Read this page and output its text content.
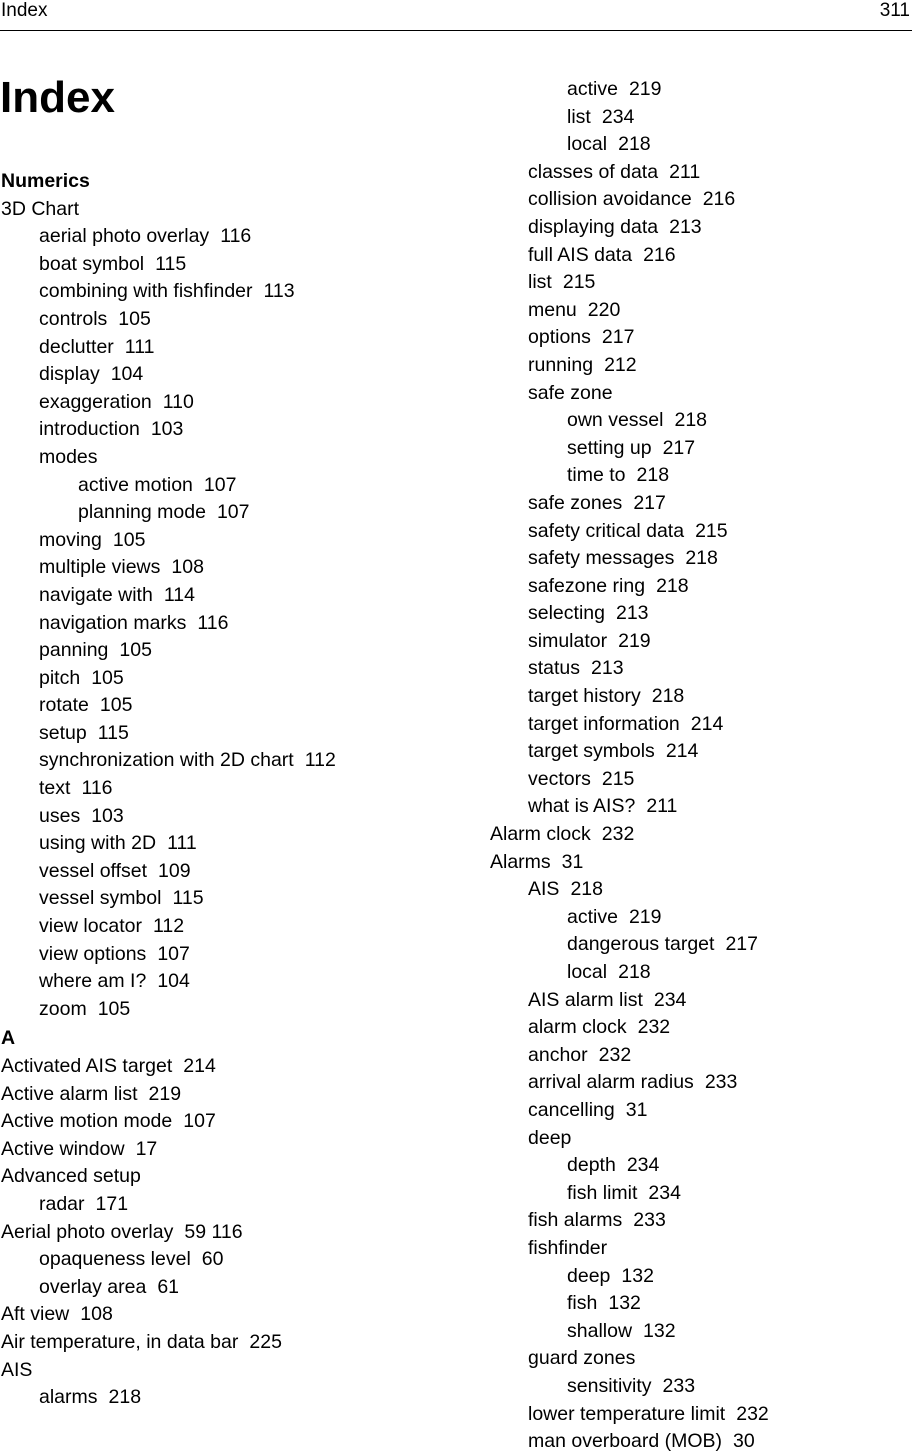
Index	311
Index
Numerics
3D Chart
aerial photo overlay 116
boat symbol 115
combining with fishfinder 113
controls 105
declutter 111
display 104
exaggeration 110
introduction 103
modes
active motion 107
planning mode 107
moving 105
multiple views 108
navigate with 114
navigation marks 116
panning 105
pitch 105
rotate 105
setup 115
synchronization with 2D chart 112
text 116
uses 103
using with 2D 111
vessel offset 109
vessel symbol 115
view locator 112
view options 107
where am I? 104
zoom 105
A
Activated AIS target 214
Active alarm list 219
Active motion mode 107
Active window 17
Advanced setup
radar 171
Aerial photo overlay 59 116
opaqueness level 60
overlay area 61
Aft view 108
Air temperature, in data bar 225
AIS
alarms 218
active 219
list 234
local 218
classes of data 211
collision avoidance 216
displaying data 213
full AIS data 216
list 215
menu 220
options 217
running 212
safe zone
own vessel 218
setting up 217
time to 218
safe zones 217
safety critical data 215
safety messages 218
safezone ring 218
selecting 213
simulator 219
status 213
target history 218
target information 214
target symbols 214
vectors 215
what is AIS? 211
Alarm clock 232
Alarms 31
AIS 218
active 219
dangerous target 217
local 218
AIS alarm list 234
alarm clock 232
anchor 232
arrival alarm radius 233
cancelling 31
deep
depth 234
fish limit 234
fish alarms 233
fishfinder
deep 132
fish 132
shallow 132
guard zones
sensitivity 233
lower temperature limit 232
man overboard (MOB) 30
